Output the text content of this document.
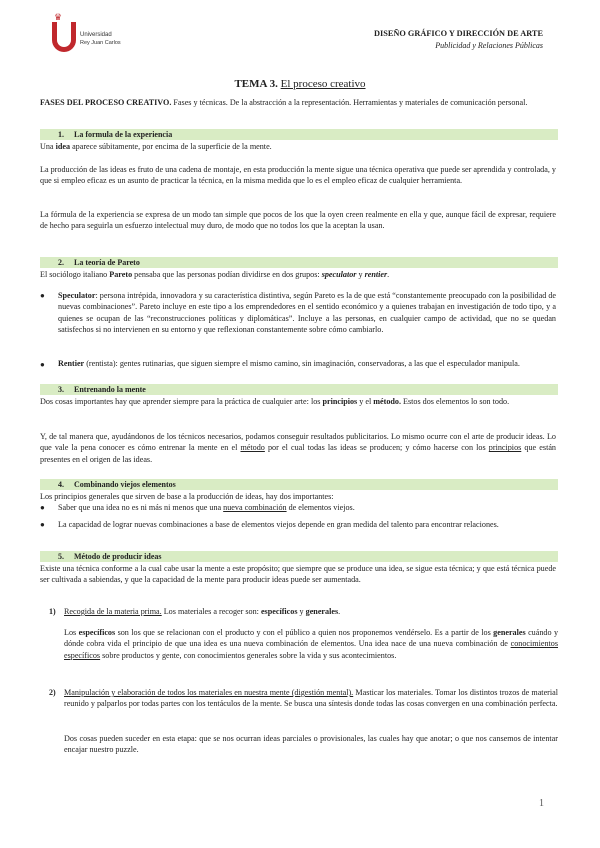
♛
Universidad
Rey Juan Carlos
DISEÑO GRÁFICO Y DIRECCIÓN DE ARTE
Publicidad y Relaciones Públicas
TEMA 3. El proceso creativo
FASES DEL PROCESO CREATIVO. Fases y técnicas. De la abstracción a la representación. Herramientas y materiales de comunicación personal.
1. La formula de la experiencia
Una idea aparece súbitamente, por encima de la superficie de la mente.
La producción de las ideas es fruto de una cadena de montaje, en esta producción la mente sigue una técnica operativa que puede ser aprendida y controlada, y que si empleo eficaz es un asunto de practicar la técnica, en la misma medida que lo es el empleo eficaz de cualquier herramienta.
La fórmula de la experiencia se expresa de un modo tan simple que pocos de los que la oyen creen realmente en ella y que, aunque fácil de expresar, requiere de hecho para seguirla un esfuerzo intelectual muy duro, de modo que no todos los que la aceptan la usan.
2. La teoría de Pareto
El sociólogo italiano Pareto pensaba que las personas podían dividirse en dos grupos: speculator y rentier.
● Speculator: persona intrépida, innovadora y su característica distintiva, según Pareto es la de que está “constantemente preocupado con la posibilidad de nuevas combinaciones”. Pareto incluye en este tipo a los emprendedores en el sentido económico y a quienes trabajan en investigación de todo tipo, y a quienes se ocupan de las “reconstrucciones políticas y diplomáticas”. Incluye a las personas, en cualquier campo de actividad, que no se quedan satisfechos si no intervienen en su entorno y que reflexionan constantemente sobre cómo cambiarlo.
● Rentier (rentista): gentes rutinarias, que siguen siempre el mismo camino, sin imaginación, conservadoras, a las que el especulador manipula.
3. Entrenando la mente
Dos cosas importantes hay que aprender siempre para la práctica de cualquier arte: los principios y el método. Estos dos elementos lo son todo.
Y, de tal manera que, ayudándonos de los técnicos necesarios, podamos conseguir resultados publicitarios. Lo mismo ocurre con el arte de producir ideas. Lo que vale la pena conocer es cómo entrenar la mente en el método por el cual todas las ideas se producen; y cómo hacerse con los principios que están presentes en el origen de las ideas.
4. Combinando viejos elementos
Los principios generales que sirven de base a la producción de ideas, hay dos importantes:
● Saber que una idea no es ni más ni menos que una nueva combinación de elementos viejos.
● La capacidad de lograr nuevas combinaciones a base de elementos viejos depende en gran medida del talento para encontrar relaciones.
5. Método de producir ideas
Existe una técnica conforme a la cual cabe usar la mente a este propósito; que siempre que se produce una idea, se sigue esta técnica; y que está técnica puede ser cultivada a sabiendas, y que la capacidad de la mente para producir ideas puede ser aumentada.
1) Recogida de la materia prima. Los materiales a recoger son: específicos y generales.
Los específicos son los que se relacionan con el producto y con el público a quien nos proponemos vendérselo. Es a partir de los generales cuándo y dónde cobra vida el principio de que una idea es una nueva combinación de elementos. Una idea nace de una nueva combinación de conocimientos específicos sobre productos y gente, con conocimientos generales sobre la vida y sus acontecimientos.
2) Manipulación y elaboración de todos los materiales en nuestra mente (digestión mental). Masticar los materiales. Tomar los distintos trozos de material reunido y palparlos por todas partes con los tentáculos de la mente. Se busca una síntesis donde todas las cosas convergen en una combinación perfecta.
Dos cosas pueden suceder en esta etapa: que se nos ocurran ideas parciales o provisionales, las cuales hay que anotar; o que nos cansemos de intentar encajar nuestro puzzle.
1
